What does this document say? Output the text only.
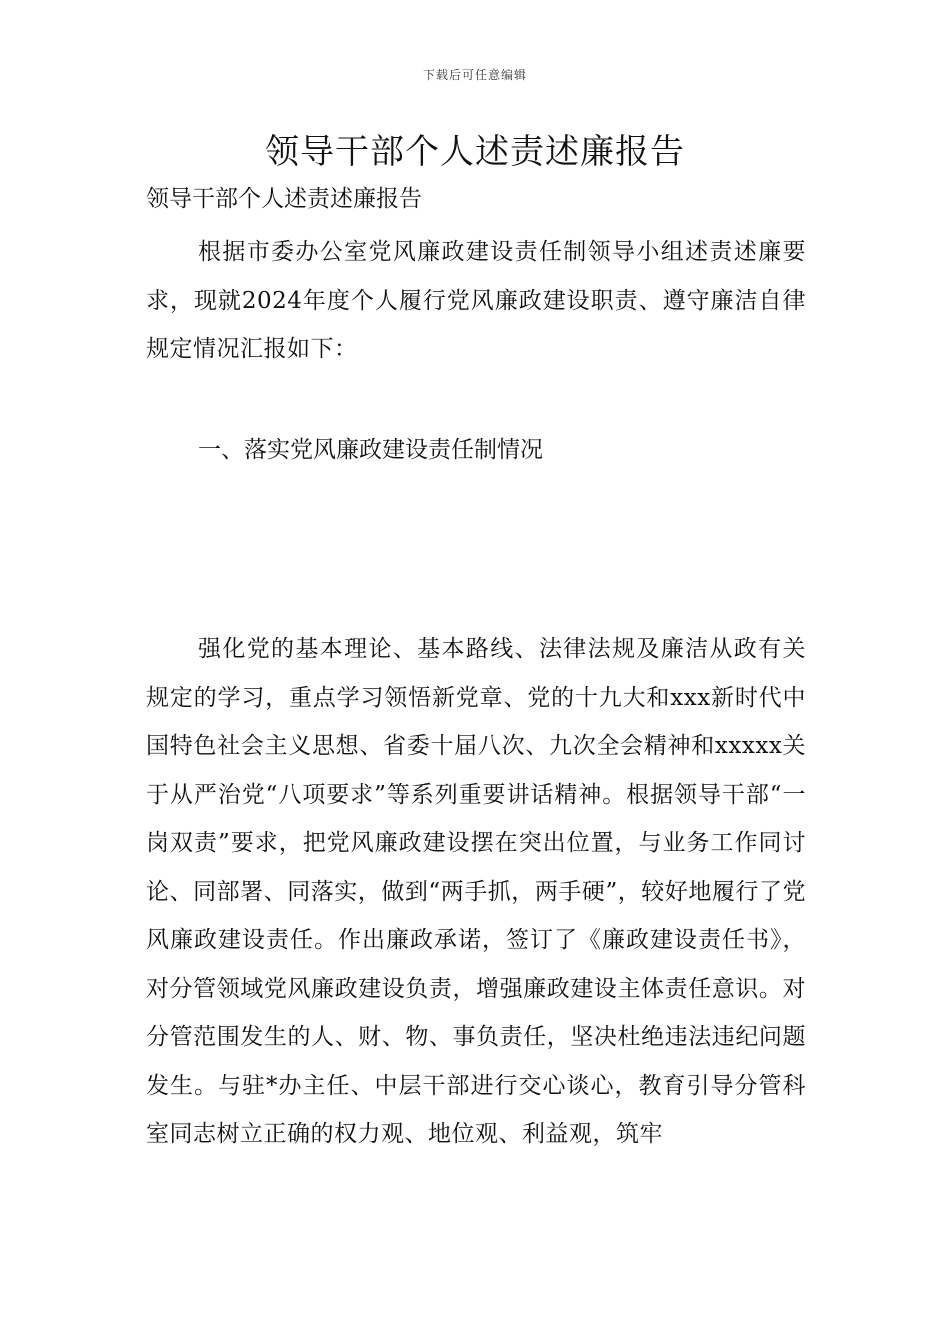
下载后可任意编辑
领导干部个人述责述廉报告
领导干部个人述责述廉报告

根据市委办公室党风廉政建设责任制领导小组述责述廉要求，现就2024年度个人履行党风廉政建设职责、遵守廉洁自律规定情况汇报如下：

一、落实党风廉政建设责任制情况

强化党的基本理论、基本路线、法律法规及廉洁从政有关规定的学习，重点学习领悟新党章、党的十九大和xxx新时代中国特色社会主义思想、省委十届八次、九次全会精神和xxxxx关于从严治党“八项要求”等系列重要讲话精神。根据领导干部“一岗双责”要求，把党风廉政建设摆在突出位置，与业务工作同讨论、同部署、同落实，做到“两手抓，两手硬”，较好地履行了党风廉政建设责任。作出廉政承诺，签订了《廉政建设责任书》，对分管领域党风廉政建设负责，增强廉政建设主体责任意识。对分管范围发生的人、财、物、事负责任，坚决杜绝违法违纪问题发生。与驻*办主任、中层干部进行交心谈心，教育引导分管科室同志树立正确的权力观、地位观、利益观，筑牢
